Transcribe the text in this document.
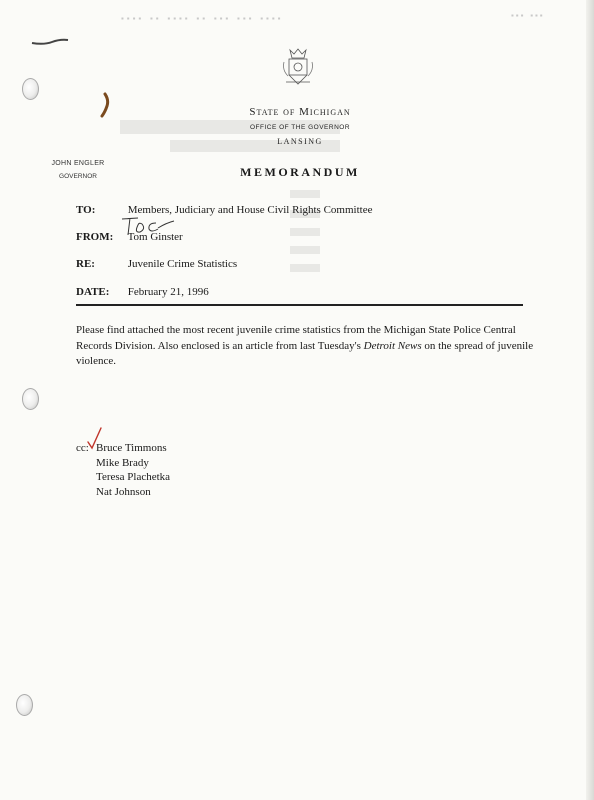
▪▪▪▪ ▪▪ ▪▪▪▪ ▪▪ ▪▪▪ ▪▪▪ ▪▪▪▪	▪▪▪ ▪▪▪
State of Michigan
OFFICE OF THE GOVERNOR
LANSING
JOHN ENGLER
GOVERNOR	MEMORANDUM
TO:	Members, Judiciary and House Civil Rights Committee
FROM: Tom Ginster
RE:	Juvenile Crime Statistics
DATE: February 21, 1996
Please find attached the most recent juvenile crime statistics from the Michigan State Police Central Records Division. Also enclosed is an article from last Tuesday's Detroit News on the spread of juvenile violence.
cc: Bruce Timmons
Mike Brady
Teresa Plachetka
Nat Johnson
